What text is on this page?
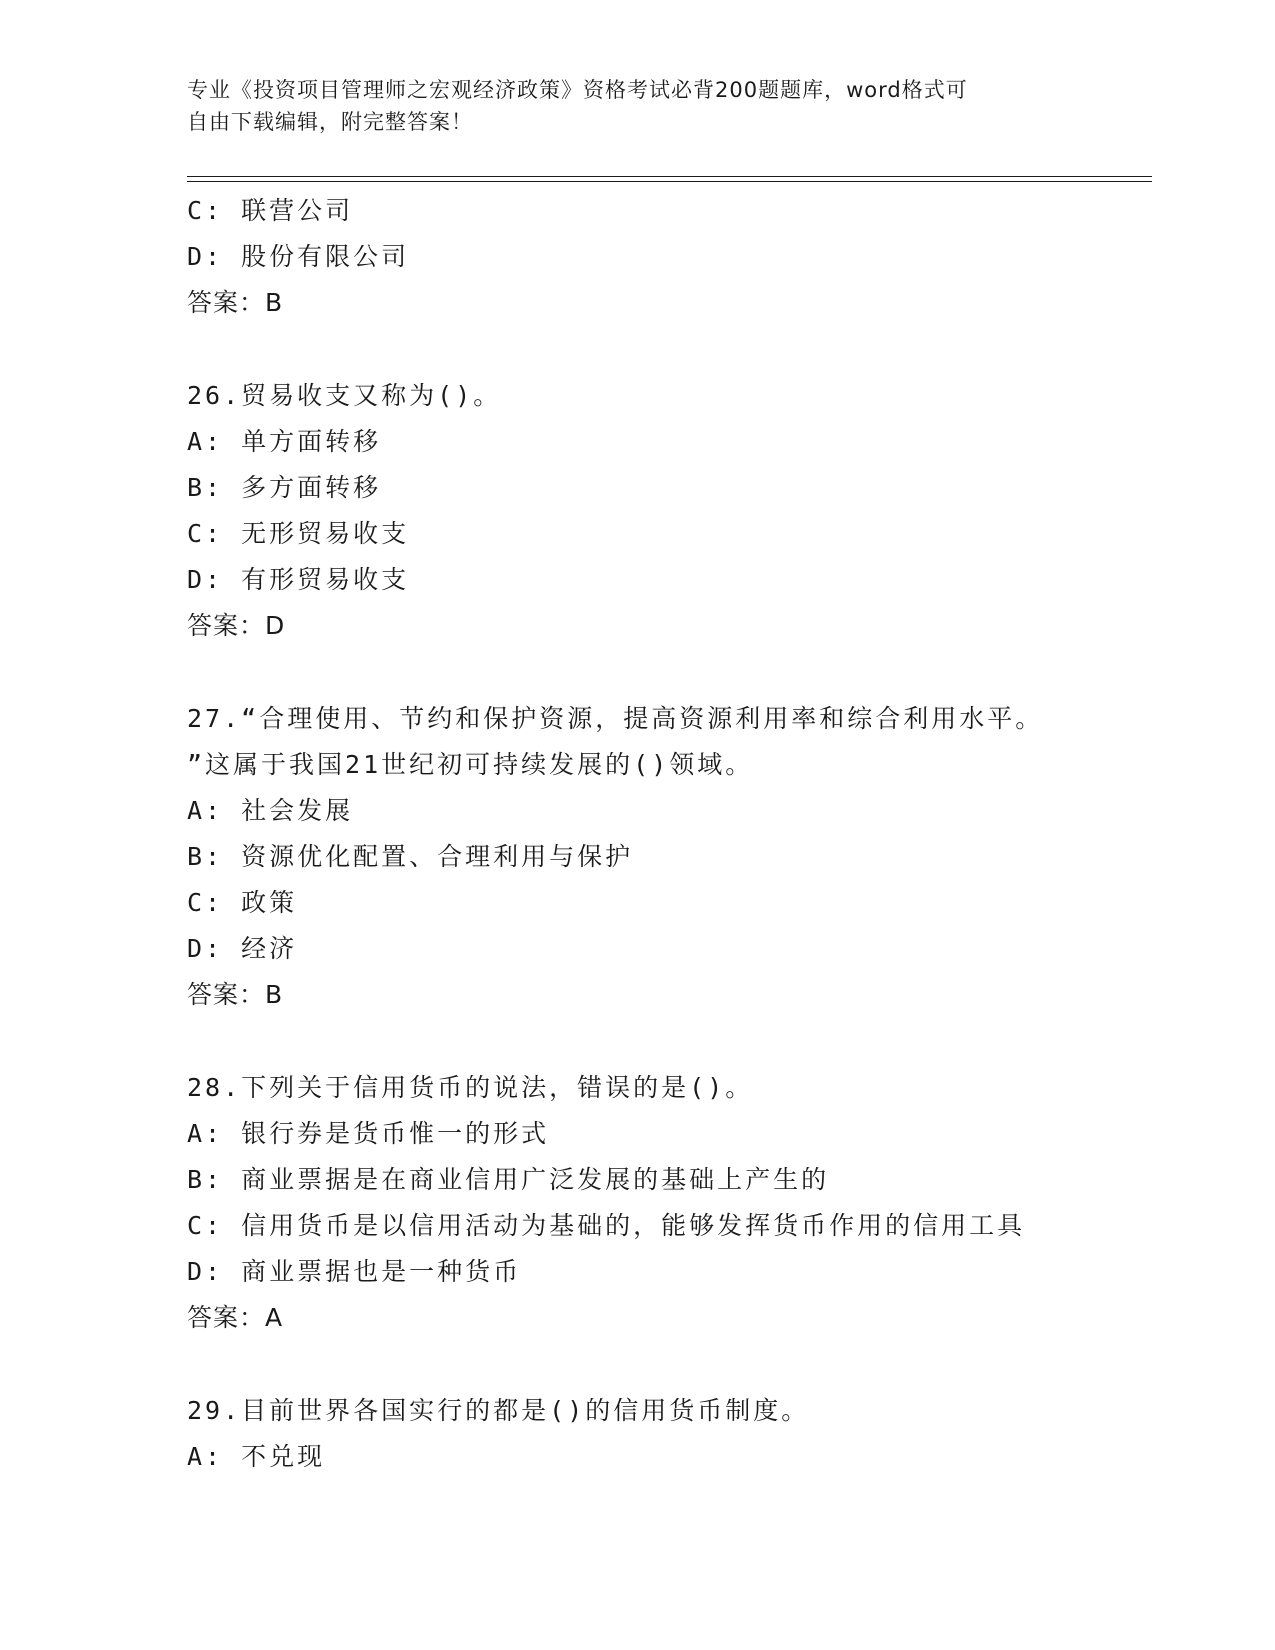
专业《投资项目管理师之宏观经济政策》资格考试必背200题题库，word格式可
自由下载编辑，附完整答案！
C: 联营公司
D: 股份有限公司
答案：B
26.贸易收支又称为()。
A: 单方面转移
B: 多方面转移
C: 无形贸易收支
D: 有形贸易收支
答案：D
27.“合理使用、节约和保护资源，提高资源利用率和综合利用水平。
”这属于我国21世纪初可持续发展的()领域。
A: 社会发展
B: 资源优化配置、合理利用与保护
C: 政策
D: 经济
答案：B
28.下列关于信用货币的说法，错误的是()。
A: 银行券是货币惟一的形式
B: 商业票据是在商业信用广泛发展的基础上产生的
C: 信用货币是以信用活动为基础的，能够发挥货币作用的信用工具
D: 商业票据也是一种货币
答案：A
29.目前世界各国实行的都是()的信用货币制度。
A: 不兑现
